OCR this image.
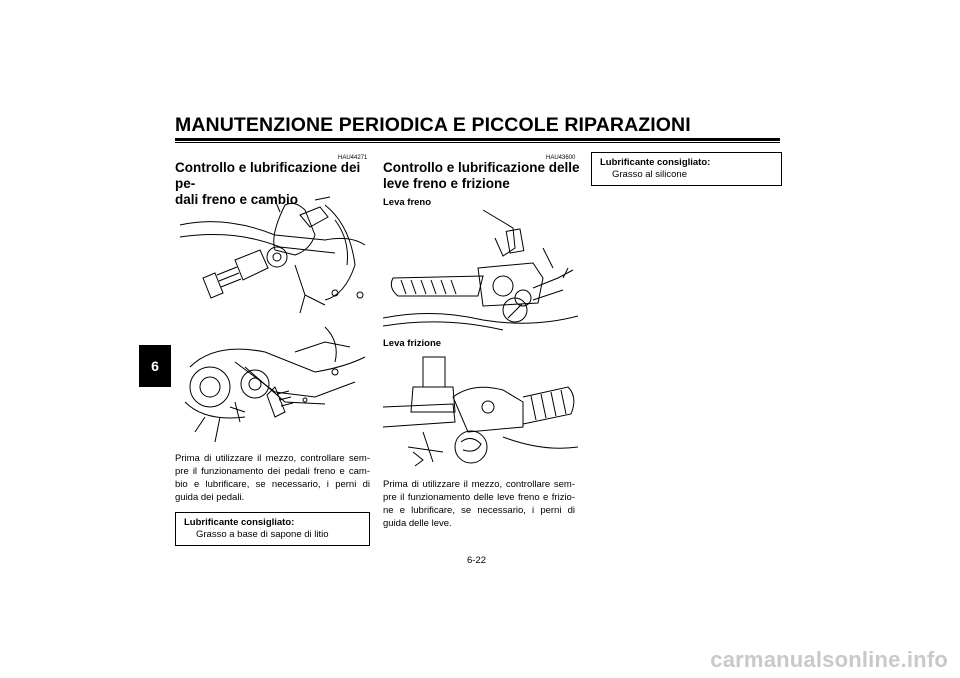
MANUTENZIONE PERIODICA E PICCOLE RIPARAZIONI
6
HAU44271
Controllo e lubrificazione dei pe-
dali freno e cambio
Prima di utilizzare il mezzo, controllare sem-pre il funzionamento dei pedali freno e cam-bio e lubrificare, se necessario, i perni di guida dei pedali.
Lubrificante consigliato:
Grasso a base di sapone di litio
HAU43600
Controllo e lubrificazione delle
leve freno e frizione
Leva freno
Leva frizione
Prima di utilizzare il mezzo, controllare sem-pre il funzionamento delle leve freno e frizio-ne e lubrificare, se necessario, i perni di guida delle leve.
Lubrificante consigliato:
Grasso al silicone
6-22
carmanualsonline.info
